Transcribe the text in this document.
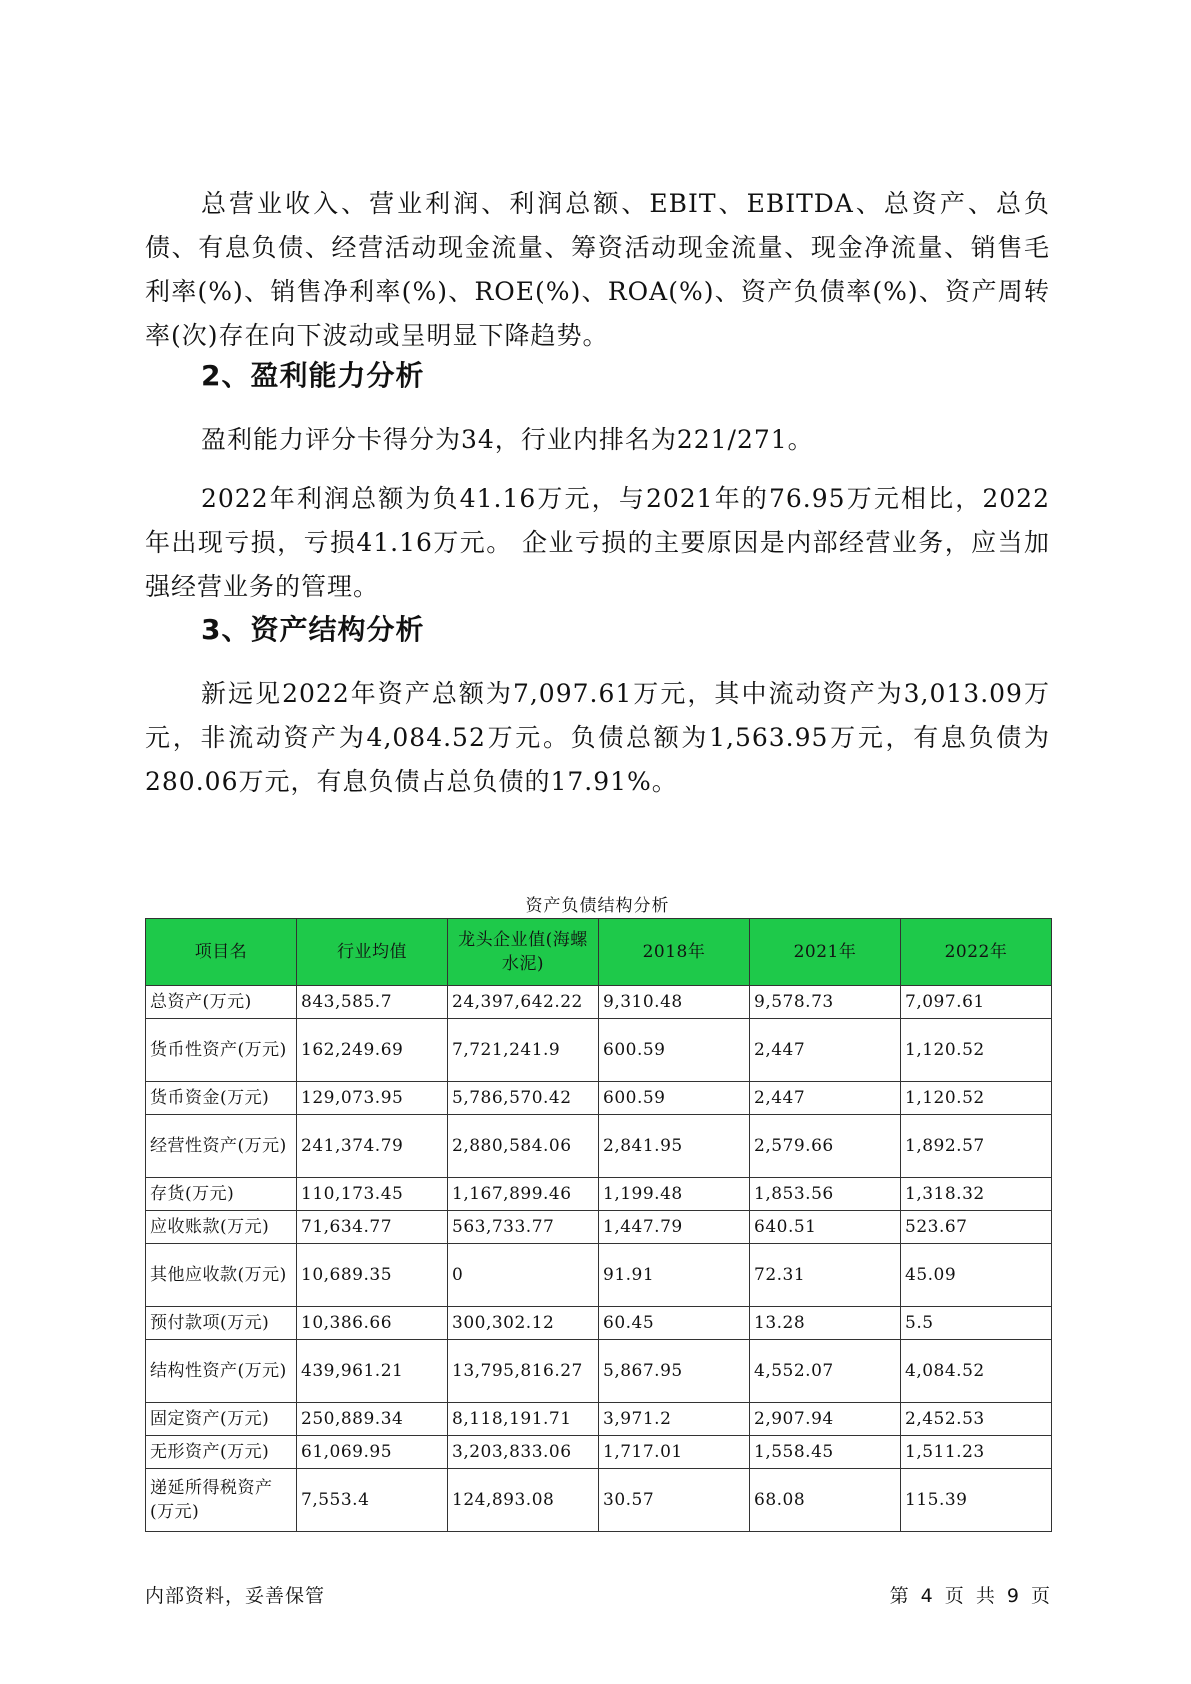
总营业收入、营业利润、利润总额、EBIT、EBITDA、总资产、总负债、有息负债、经营活动现金流量、筹资活动现金流量、现金净流量、销售毛利率(%)、销售净利率(%)、ROE(%)、ROA(%)、资产负债率(%)、资产周转率(次)存在向下波动或呈明显下降趋势。

2、盈利能力分析

盈利能力评分卡得分为34，行业内排名为221/271。

2022年利润总额为负41.16万元，与2021年的76.95万元相比，2022年出现亏损，亏损41.16万元。 企业亏损的主要原因是内部经营业务，应当加强经营业务的管理。

3、资产结构分析

新远见2022年资产总额为7,097.61万元，其中流动资产为3,013.09万元，非流动资产为4,084.52万元。负债总额为1,563.95万元，有息负债为280.06万元，有息负债占总负债的17.91%。

资产负债结构分析
项目名	行业均值	龙头企业值(海螺水泥)	2018年	2021年	2022年
总资产(万元)	843,585.7	24,397,642.22	9,310.48	9,578.73	7,097.61
货币性资产(万元)	162,249.69	7,721,241.9	600.59	2,447	1,120.52
货币资金(万元)	129,073.95	5,786,570.42	600.59	2,447	1,120.52
经营性资产(万元)	241,374.79	2,880,584.06	2,841.95	2,579.66	1,892.57
存货(万元)	110,173.45	1,167,899.46	1,199.48	1,853.56	1,318.32
应收账款(万元)	71,634.77	563,733.77	1,447.79	640.51	523.67
其他应收款(万元)	10,689.35	0	91.91	72.31	45.09
预付款项(万元)	10,386.66	300,302.12	60.45	13.28	5.5
结构性资产(万元)	439,961.21	13,795,816.27	5,867.95	4,552.07	4,084.52
固定资产(万元)	250,889.34	8,118,191.71	3,971.2	2,907.94	2,452.53
无形资产(万元)	61,069.95	3,203,833.06	1,717.01	1,558.45	1,511.23
递延所得税资产(万元)	7,553.4	124,893.08	30.57	68.08	115.39
内部资料，妥善保管	第 4 页 共 9 页
